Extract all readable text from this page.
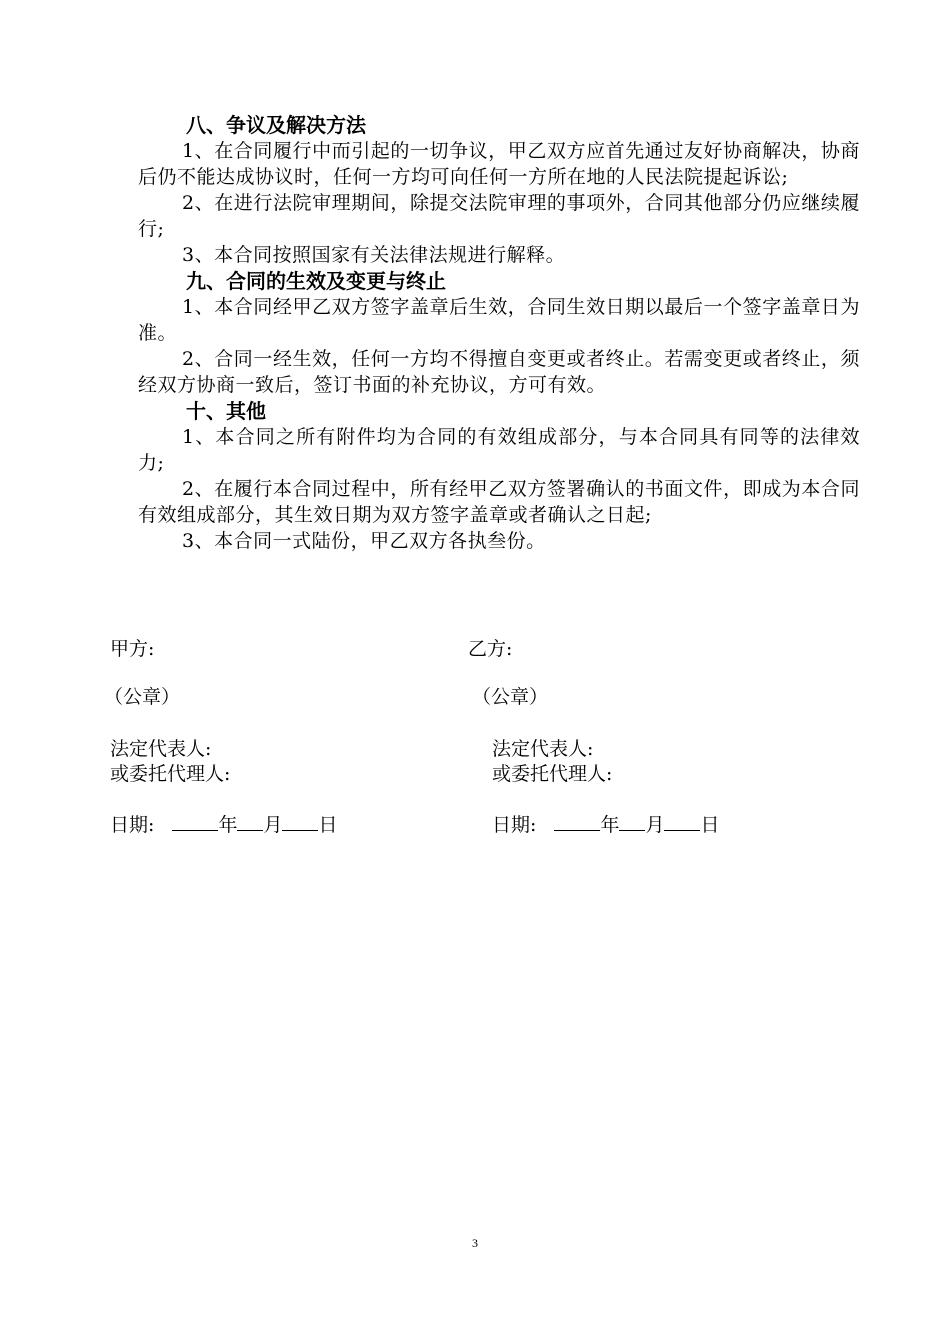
八、争议及解决方法

1、在合同履行中而引起的一切争议，甲乙双方应首先通过友好协商解决，协商后仍不能达成协议时，任何一方均可向任何一方所在地的人民法院提起诉讼;

2、在进行法院审理期间，除提交法院审理的事项外，合同其他部分仍应继续履行;

3、本合同按照国家有关法律法规进行解释。

九、合同的生效及变更与终止

1、本合同经甲乙双方签字盖章后生效，合同生效日期以最后一个签字盖章日为准。

2、合同一经生效，任何一方均不得擅自变更或者终止。若需变更或者终止，须经双方协商一致后，签订书面的补充协议，方可有效。

十、其他

1、本合同之所有附件均为合同的有效组成部分，与本合同具有同等的法律效力;

2、在履行本合同过程中，所有经甲乙双方签署确认的书面文件，即成为本合同有效组成部分，其生效日期为双方签字盖章或者确认之日起;

3、本合同一式陆份，甲乙双方各执叁份。

甲方:
（公章）
法定代表人:
或委托代理人:
日期:	年 月 日
乙方:
（公章）
法定代表人:
或委托代理人:
日期:	年 月 日
3
